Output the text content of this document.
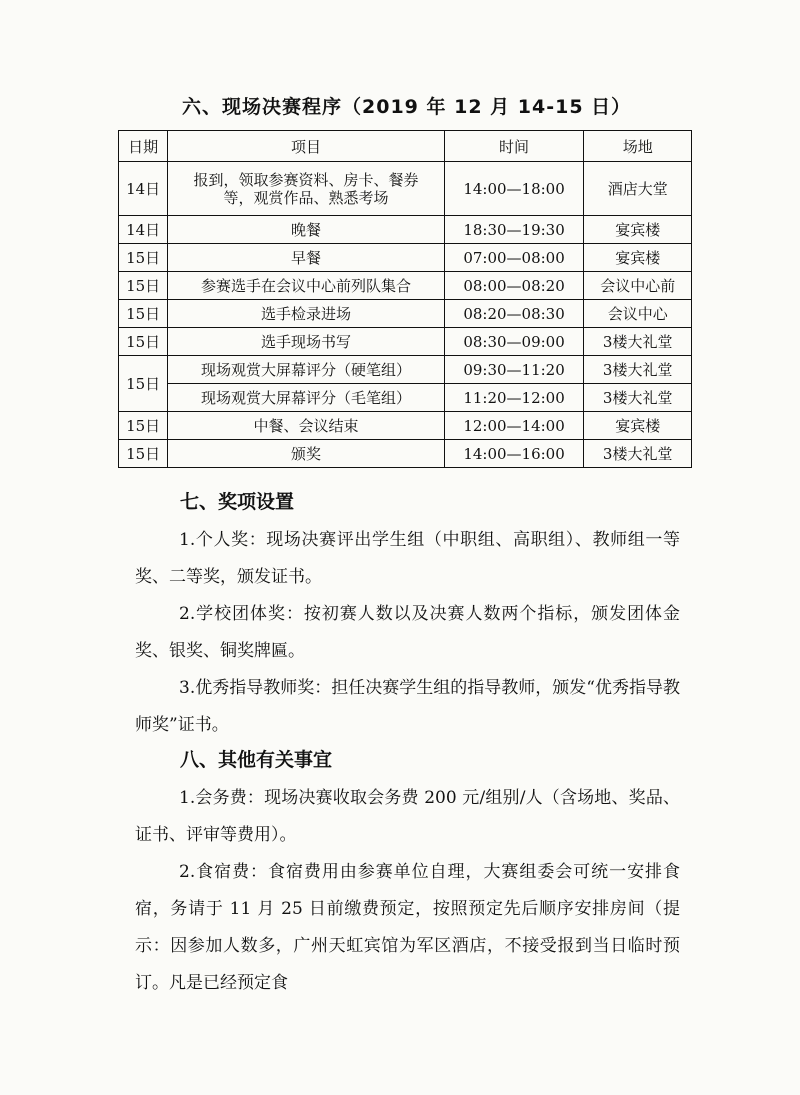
六、现场决赛程序（2019 年 12 月 14-15 日）
日期	项目	时间	场地
14日	报到，领取参赛资料、房卡、餐券等，观赏作品、熟悉考场	14:00—18:00	酒店大堂
14日	晚餐	18:30—19:30	宴宾楼
15日	早餐	07:00—08:00	宴宾楼
15日	参赛选手在会议中心前列队集合	08:00—08:20	会议中心前
15日	选手检录进场	08:20—08:30	会议中心
15日	选手现场书写	08:30—09:00	3楼大礼堂
15日	现场观赏大屏幕评分（硬笔组）	09:30—11:20	3楼大礼堂
	现场观赏大屏幕评分（毛笔组）	11:20—12:00	3楼大礼堂
15日	中餐、会议结束	12:00—14:00	宴宾楼
15日	颁奖	14:00—16:00	3楼大礼堂
七、奖项设置
1.个人奖：现场决赛评出学生组（中职组、高职组）、教师组一等奖、二等奖，颁发证书。
2.学校团体奖：按初赛人数以及决赛人数两个指标，颁发团体金奖、银奖、铜奖牌匾。
3.优秀指导教师奖：担任决赛学生组的指导教师，颁发“优秀指导教师奖”证书。
八、其他有关事宜
1.会务费：现场决赛收取会务费 200 元/组别/人（含场地、奖品、证书、评审等费用）。
2.食宿费：食宿费用由参赛单位自理，大赛组委会可统一安排食宿，务请于 11 月 25 日前缴费预定，按照预定先后顺序安排房间（提示：因参加人数多，广州天虹宾馆为军区酒店，不接受报到当日临时预订。凡是已经预定食
